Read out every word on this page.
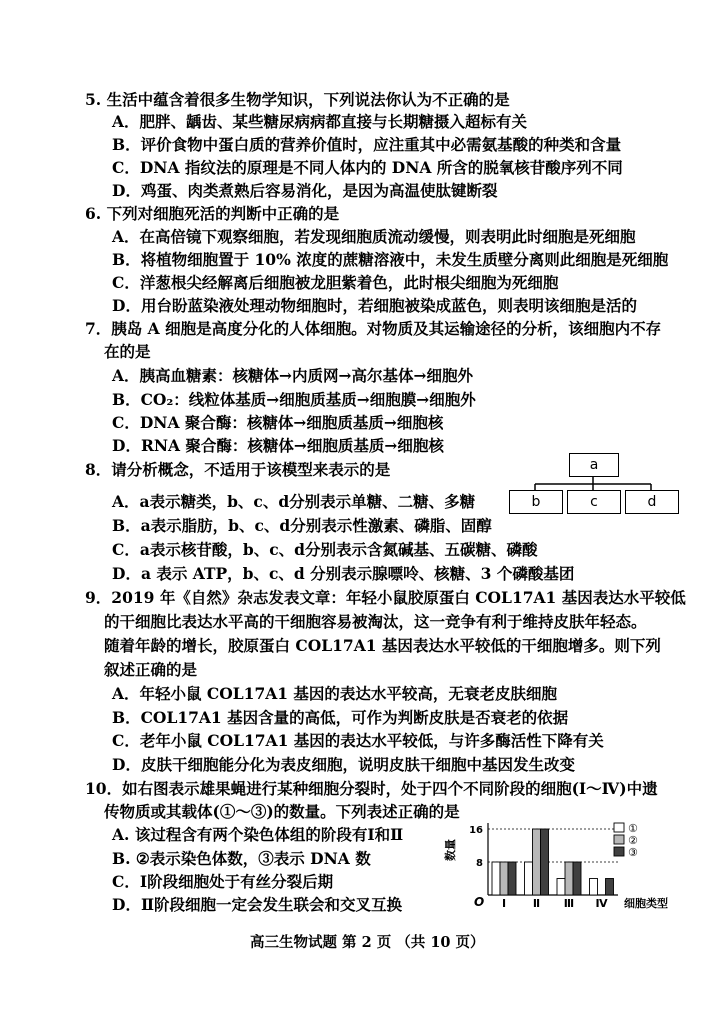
5. 生活中蕴含着很多生物学知识，下列说法你认为不正确的是
A．肥胖、龋齿、某些糖尿病病都直接与长期糖摄入超标有关
B．评价食物中蛋白质的营养价值时，应注重其中必需氨基酸的种类和含量
C．DNA 指纹法的原理是不同人体内的 DNA 所含的脱氧核苷酸序列不同
D．鸡蛋、肉类煮熟后容易消化，是因为高温使肽键断裂
6. 下列对细胞死活的判断中正确的是
A．在高倍镜下观察细胞，若发现细胞质流动缓慢，则表明此时细胞是死细胞
B．将植物细胞置于 10% 浓度的蔗糖溶液中，未发生质壁分离则此细胞是死细胞
C．洋葱根尖经解离后细胞被龙胆紫着色，此时根尖细胞为死细胞
D．用台盼蓝染液处理动物细胞时，若细胞被染成蓝色，则表明该细胞是活的
7．胰岛 A 细胞是高度分化的人体细胞。对物质及其运输途径的分析，该细胞内不存
在的是
A．胰高血糖素：核糖体→内质网→高尔基体→细胞外
B．CO₂：线粒体基质→细胞质基质→细胞膜→细胞外
C．DNA 聚合酶：核糖体→细胞质基质→细胞核
D．RNA 聚合酶：核糖体→细胞质基质→细胞核
8．请分析概念，不适用于该模型来表示的是
A．a表示糖类，b、c、d分别表示单糖、二糖、多糖
B．a表示脂肪，b、c、d分别表示性激素、磷脂、固醇
C．a表示核苷酸，b、c、d分别表示含氮碱基、五碳糖、磷酸
D．a 表示 ATP，b、c、d 分别表示腺嘌呤、核糖、3 个磷酸基团
a
b	c	d
9．2019 年《自然》杂志发表文章：年轻小鼠胶原蛋白 COL17A1 基因表达水平较低
的干细胞比表达水平高的干细胞容易被淘汰，这一竞争有利于维持皮肤年轻态。
随着年龄的增长，胶原蛋白 COL17A1 基因表达水平较低的干细胞增多。则下列
叙述正确的是
A．年轻小鼠 COL17A1 基因的表达水平较高，无衰老皮肤细胞
B．COL17A1 基因含量的高低，可作为判断皮肤是否衰老的依据
C．老年小鼠 COL17A1 基因的表达水平较低，与许多酶活性下降有关
D．皮肤干细胞能分化为表皮细胞，说明皮肤干细胞中基因发生改变
10．如右图表示雄果蝇进行某种细胞分裂时，处于四个不同阶段的细胞(Ⅰ～Ⅳ)中遗
传物质或其载体(①～③)的数量。下列表述正确的是
A. 该过程含有两个染色体组的阶段有Ⅰ和Ⅱ
B. ②表示染色体数，③表示 DNA 数
C．Ⅰ阶段细胞处于有丝分裂后期
D．Ⅱ阶段细胞一定会发生联会和交叉互换
16
8
Ⅰ Ⅱ Ⅲ Ⅳ
①
②
③
数量
O	细胞类型
高三生物试题 第 2 页 （共 10 页）
